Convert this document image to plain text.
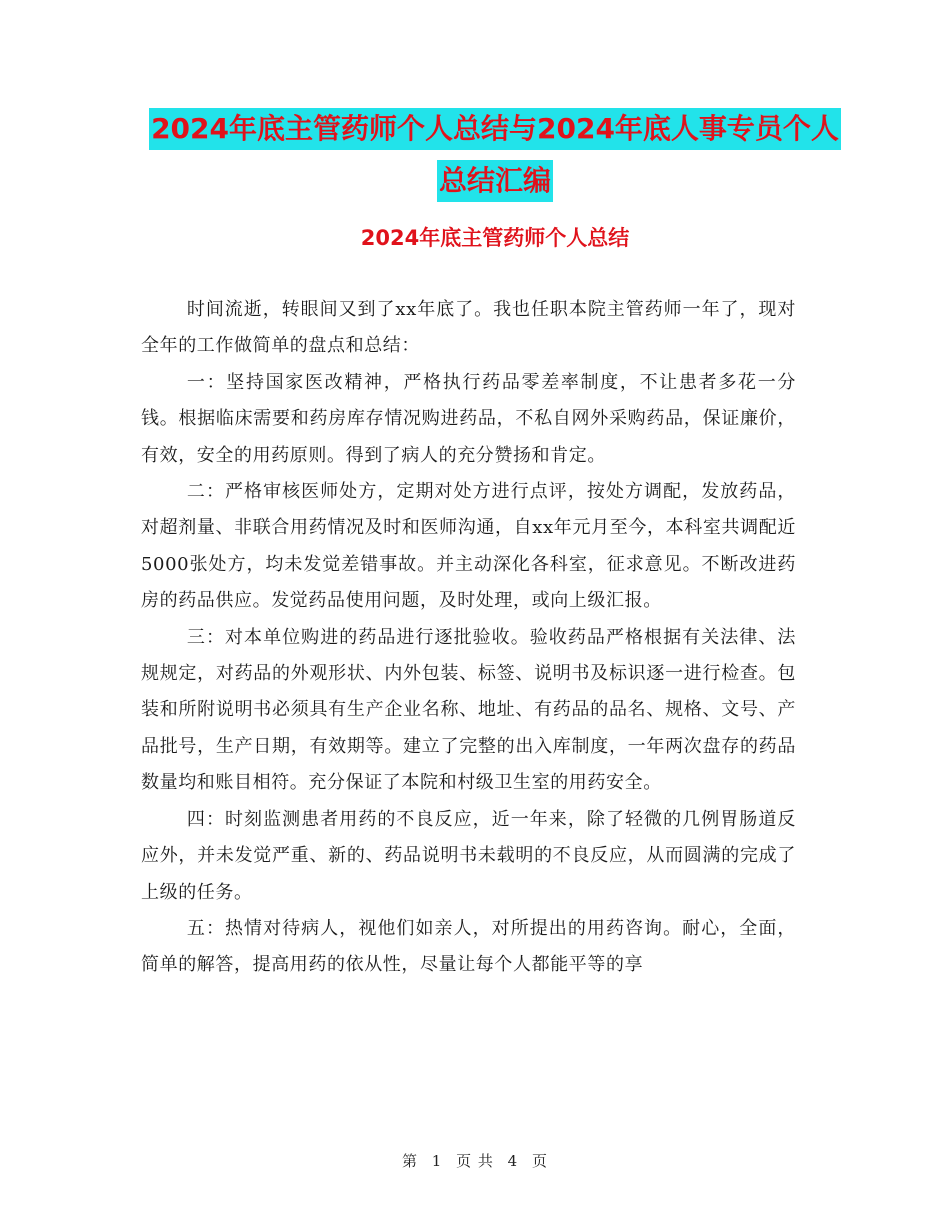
2024年底主管药师个人总结与2024年底人事专员个人
总结汇编
2024年底主管药师个人总结

时间流逝，转眼间又到了xx年底了。我也任职本院主管药师一年了，现对全年的工作做简单的盘点和总结：

一：坚持国家医改精神，严格执行药品零差率制度，不让患者多花一分钱。根据临床需要和药房库存情况购进药品，不私自网外采购药品，保证廉价，有效，安全的用药原则。得到了病人的充分赞扬和肯定。

二：严格审核医师处方，定期对处方进行点评，按处方调配，发放药品，对超剂量、非联合用药情况及时和医师沟通，自xx年元月至今，本科室共调配近5000张处方，均未发觉差错事故。并主动深化各科室，征求意见。不断改进药房的药品供应。发觉药品使用问题，及时处理，或向上级汇报。

三：对本单位购进的药品进行逐批验收。验收药品严格根据有关法律、法规规定，对药品的外观形状、内外包装、标签、说明书及标识逐一进行检查。包装和所附说明书必须具有生产企业名称、地址、有药品的品名、规格、文号、产品批号，生产日期，有效期等。建立了完整的出入库制度，一年两次盘存的药品数量均和账目相符。充分保证了本院和村级卫生室的用药安全。

四：时刻监测患者用药的不良反应，近一年来，除了轻微的几例胃肠道反应外，并未发觉严重、新的、药品说明书未载明的不良反应，从而圆满的完成了上级的任务。

五：热情对待病人，视他们如亲人，对所提出的用药咨询。耐心，全面，简单的解答，提高用药的依从性，尽量让每个人都能平等的享

第 1 页 共 4 页
